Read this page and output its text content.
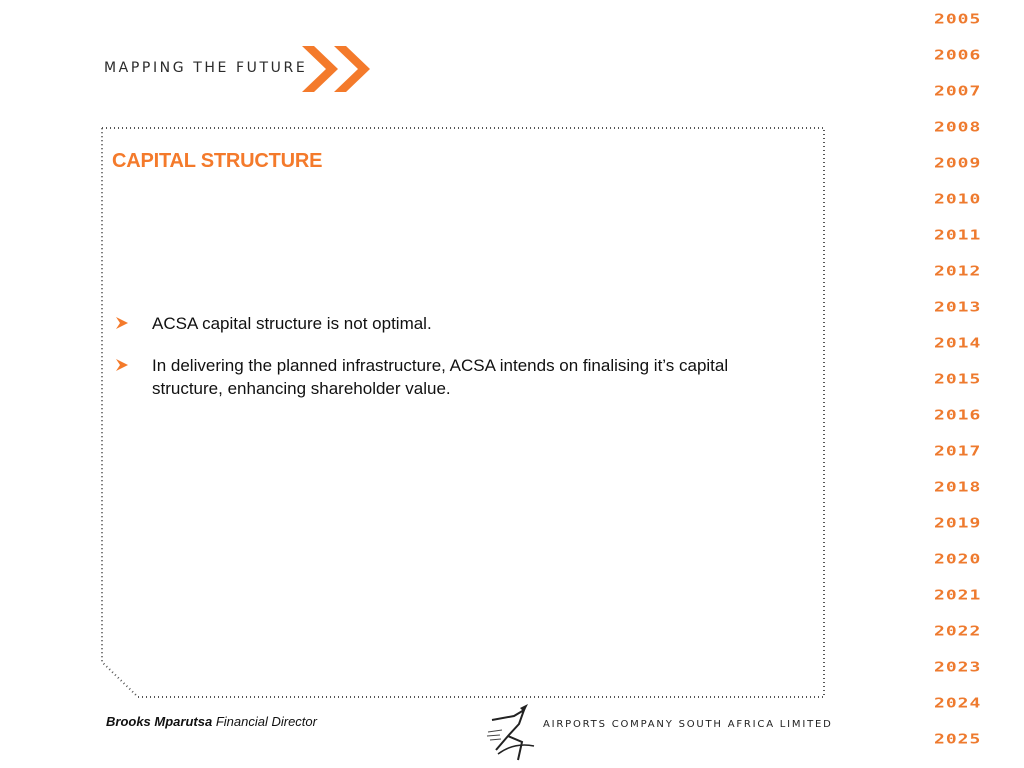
MAPPING THE FUTURE
CAPITAL STRUCTURE
ACSA capital structure is not optimal.
In delivering the planned infrastructure, ACSA intends on finalising it’s capital structure, enhancing shareholder value.
2005
2006
2007
2008
2009
2010
2011
2012
2013
2014
2015
2016
2017
2018
2019
2020
2021
2022
2023
2024
2025
Brooks Mparutsa Financial Director	AIRPORTS COMPANY SOUTH AFRICA LIMITED
